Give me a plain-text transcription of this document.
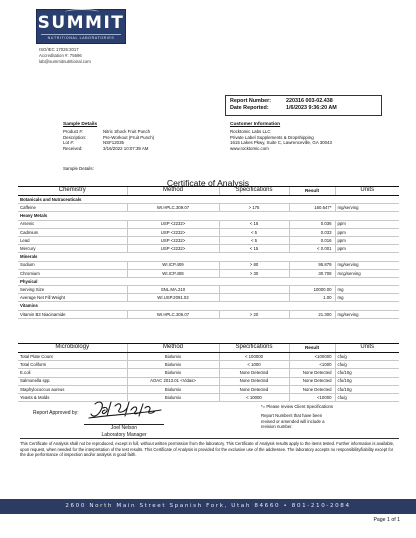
SUMMIT
NUTRITIONAL LABORATORIES
ISO/IEC 17025:2017
Accreditation #: 75696
lab@summitnutritional.com
Report Number:	220316 003-02.438
Date Reported:	1/6/2023 9:36:20 AM
Sample Details
Product #:	Nitric Shock Fruit Punch
Description:	Pre-Workout (Fruit Punch)
Lot #:	NSF12035
Received:	3/16/2022 10:07:39 AM
Sample Details:
Customer Information
Rocktomic Labs LLC
Private Label Supplements & Dropshipping
1615 Lakes Pkwy, Suite C, Lawrenceville, GA 30043
www.rocktomic.com
Certificate of Analysis
Chemistry	Method	Specifications	Result	Units
Botanicals and Nutraceuticals				
Caffeine	WI.HPLC.309.07	> 175	160.647*	mg/serving
Heavy Metals				
Arsenic	USP <2232>	< 15	0.036	ppm
Cadmium	USP <2232>	< 5	0.033	ppm
Lead	USP <2232>	< 5	0.016	ppm
Mercury	USP <2232>	< 15	< 0.001	ppm
Minerals				
Sodium	WI.ICP.409	> 80	95.879	mg/serving
Chromium	WI.ICP.408	> 30	30.708	mcg/serving
Physical				
Serving Size	SNL.MA.210		10000.00	mg
Average Net Fill Weight	WI.USP.2091.02		1.00	mg
Vitamins				
Vitamin B3 Niacinamide	WI.HPLC.306.07	> 20	21.300	mg/serving
Microbiology	Method	Specifications	Result	Units
Total Plate Count	Biolumix	< 100000	<100000	cfu/g
Total Coliform	Biolumix	< 1000	<1000	cfu/g
E.coli	Biolumix	None Detected	None Detected	cfu/10g
Salmonella spp.	AOAC 2013.01 <Vidas>	None Detected	None Detected	cfu/10g
Staphylococcus aureus	Biolumix	None Detected	None Detected	cfu/10g
Yeasts & Molds	Biolumix	< 10000	<10000	cfu/g
Report Approved by:
Joel Nelson
Laboratory Manager
*= Please review Client Specifications
Report Numbers that have been
revised or amended will include a
revision number.
This Certificate of Analysis shall not be reproduced, except in full, without written permission from the laboratory. This Certificate of Analysis results apply to the items tested. Further information is available, upon request, when needed for the interpretation of the test results. This Certificate of Analysis is provided for the exclusive use of the addressee. The laboratory accepts no responsibility/liability except for the due performance of inspection and/or analysis in good faith.
2600 North Main Street Spanish Fork, Utah 84660 • 801-210-2084
Page 1 of 1
